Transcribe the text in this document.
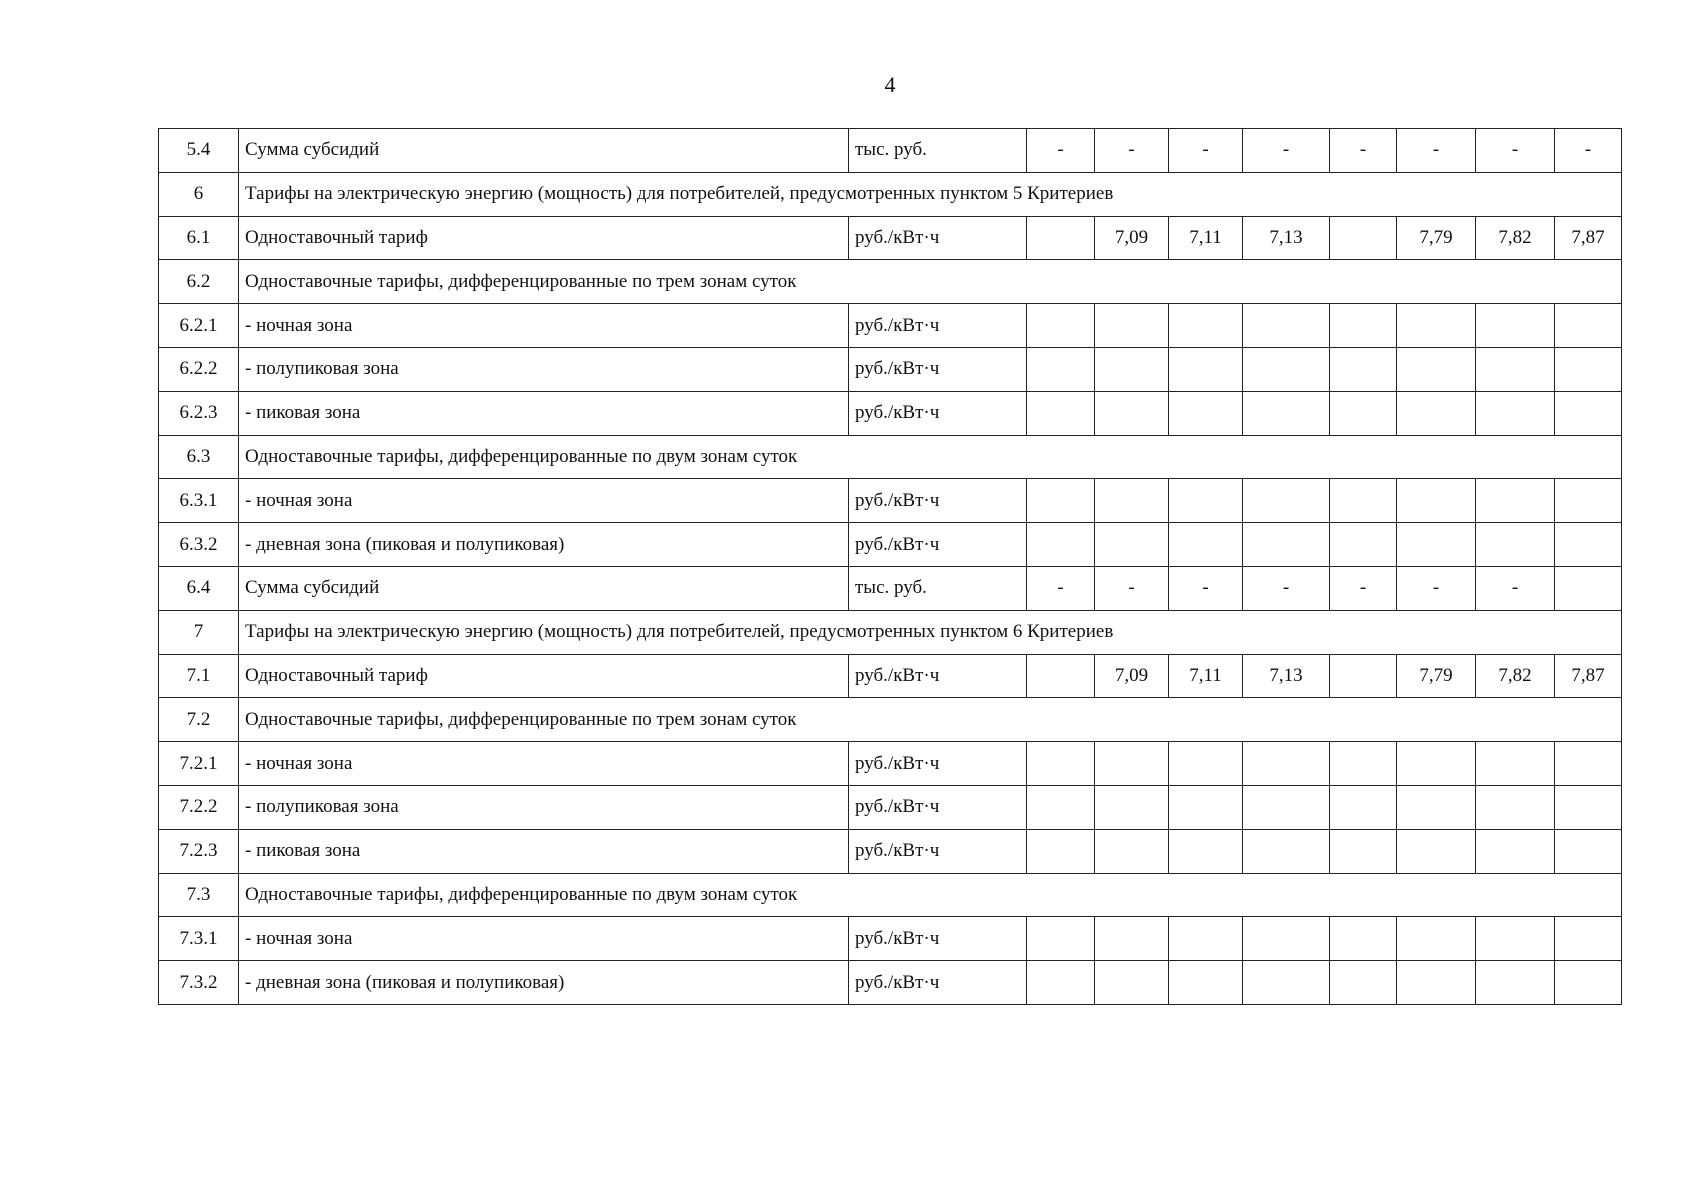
4
5.4	Сумма субсидий	тыс. руб.	-	-	-	-	-	-	-	-
6	Тарифы на электрическую энергию (мощность) для потребителей, предусмотренных пунктом 5 Критериев									
6.1	Одноставочный тариф	руб./кВт·ч		7,09	7,11	7,13		7,79	7,82	7,87
6.2	Одноставочные тарифы, дифференцированные по трем зонам суток									
6.2.1	- ночная зона	руб./кВт·ч								
6.2.2	- полупиковая зона	руб./кВт·ч								
6.2.3	- пиковая зона	руб./кВт·ч								
6.3	Одноставочные тарифы, дифференцированные по двум зонам суток									
6.3.1	- ночная зона	руб./кВт·ч								
6.3.2	- дневная зона (пиковая и полупиковая)	руб./кВт·ч								
6.4	Сумма субсидий	тыс. руб.	-	-	-	-	-	-	-	
7	Тарифы на электрическую энергию (мощность) для потребителей, предусмотренных пунктом 6 Критериев									
7.1	Одноставочный тариф	руб./кВт·ч		7,09	7,11	7,13		7,79	7,82	7,87
7.2	Одноставочные тарифы, дифференцированные по трем зонам суток									
7.2.1	- ночная зона	руб./кВт·ч								
7.2.2	- полупиковая зона	руб./кВт·ч								
7.2.3	- пиковая зона	руб./кВт·ч								
7.3	Одноставочные тарифы, дифференцированные по двум зонам суток									
7.3.1	- ночная зона	руб./кВт·ч								
7.3.2	- дневная зона (пиковая и полупиковая)	руб./кВт·ч								
